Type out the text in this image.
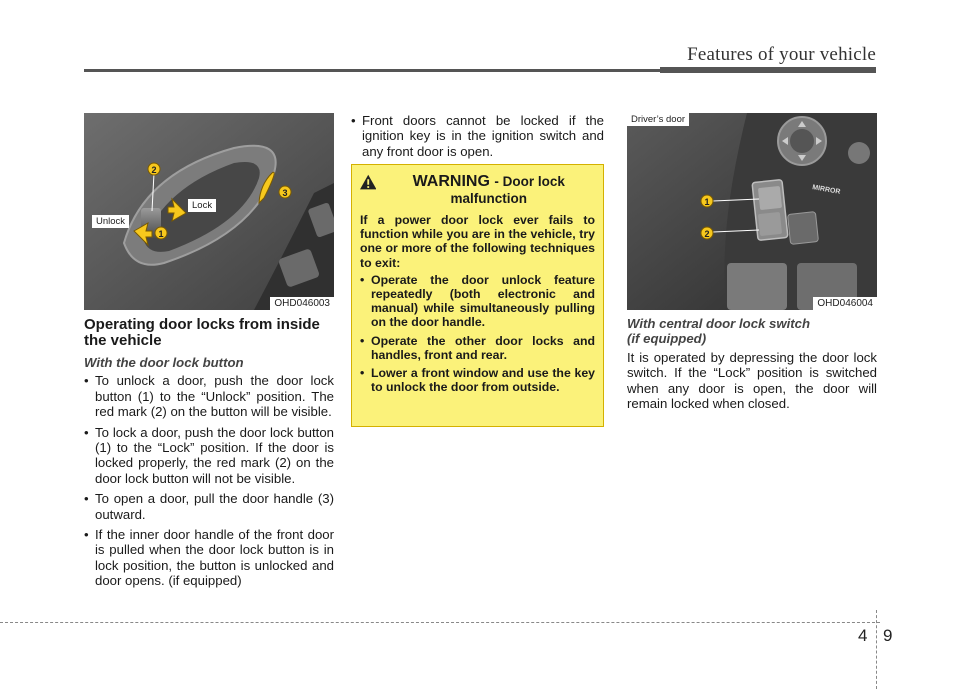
Features of your vehicle
2
1
3
Unlock
Lock
OHD046003
Operating door locks from inside the vehicle
With the door lock button
• To unlock a door, push the door lock button (1) to the “Unlock” position. The red mark (2) on the button will be visible.
• To lock a door, push the door lock button (1) to the “Lock” position. If the door is locked properly, the red mark (2) on the door lock button will not be visible.
• To open a door, pull the door handle (3) outward.
• If the inner door handle of the front door is pulled when the door lock button is in lock position, the button is unlocked and door opens. (if equipped)
• Front doors cannot be locked if the ignition key is in the ignition switch and any front door is open.
WARNING - Door lock malfunction

If a power door lock ever fails to function while you are in the vehicle, try one or more of the following techniques to exit:

• Operate the door unlock feature repeatedly (both electronic and manual) while simultaneously pulling on the door handle.
• Operate the other door locks and handles, front and rear.
• Lower a front window and use the key to unlock the door from outside.
MIRROR
1
2
Driver’s door
OHD046004
With central door lock switch
(if equipped)
It is operated by depressing the door lock switch. If the “Lock” position is switched when any door is open, the door will remain locked when closed.
4 9
